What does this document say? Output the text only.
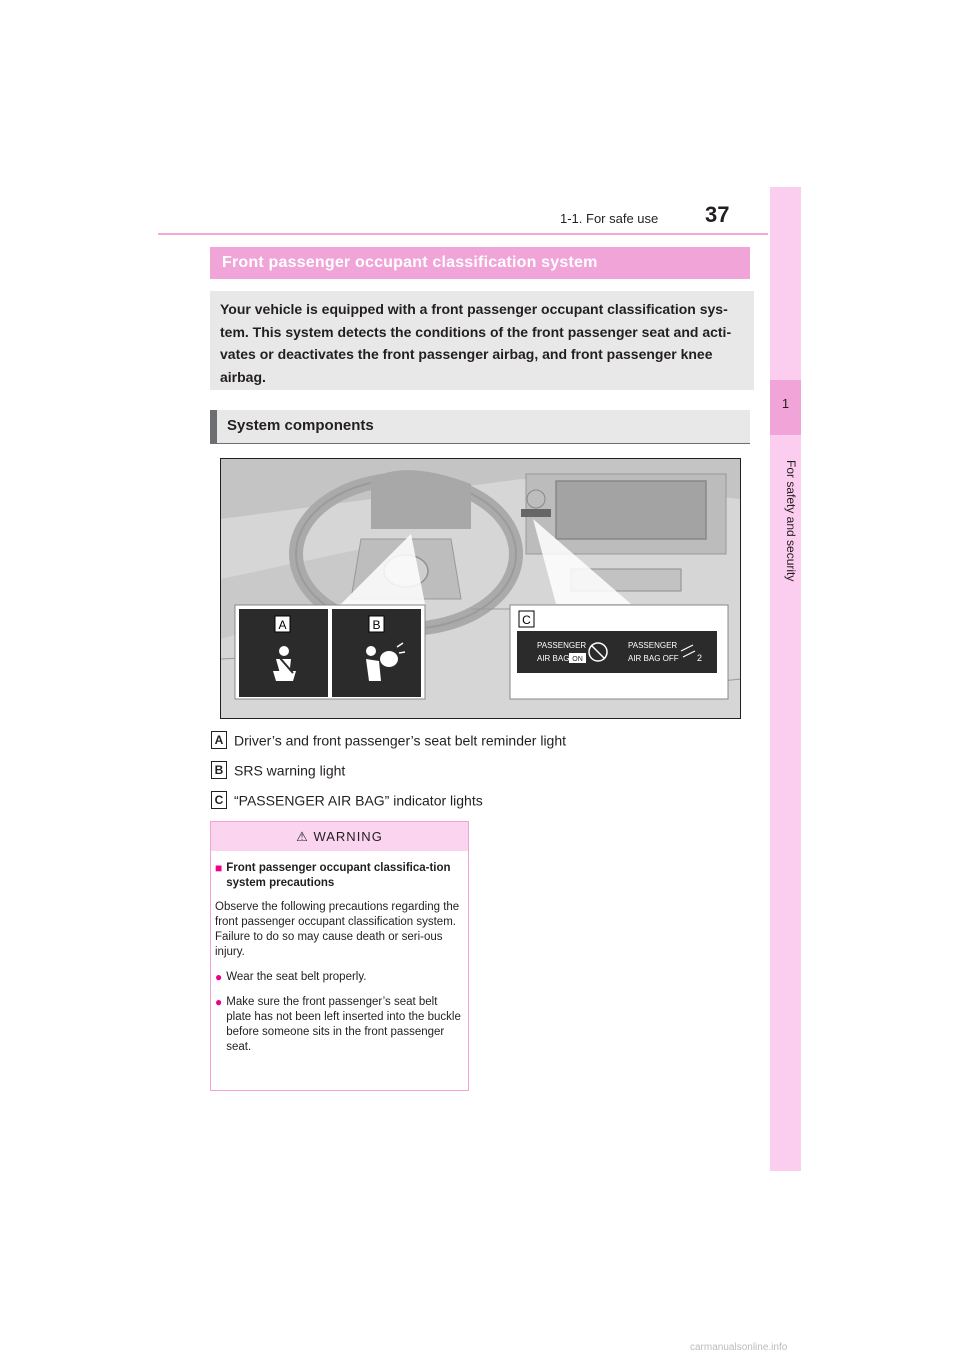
1-1. For safe use 37
1
For safety and security
Front passenger occupant classification system
Your vehicle is equipped with a front passenger occupant classification sys-tem. This system detects the conditions of the front passenger seat and acti-vates or deactivates the front passenger airbag, and front passenger knee airbag.
System components
A	B	C
PASSENGER
AIR BAG ON
PASSENGER
AIR BAG OFF 2
A Driver’s and front passenger’s seat belt reminder light
B SRS warning light
C “PASSENGER AIR BAG” indicator lights
⚠ WARNING
■ Front passenger occupant classifica-tion system precautions
Observe the following precautions regarding the front passenger occupant classification system.
Failure to do so may cause death or seri-ous injury.
● Wear the seat belt properly.
● Make sure the front passenger’s seat belt plate has not been left inserted into the buckle before someone sits in the front passenger seat.
carmanualsonline.info
